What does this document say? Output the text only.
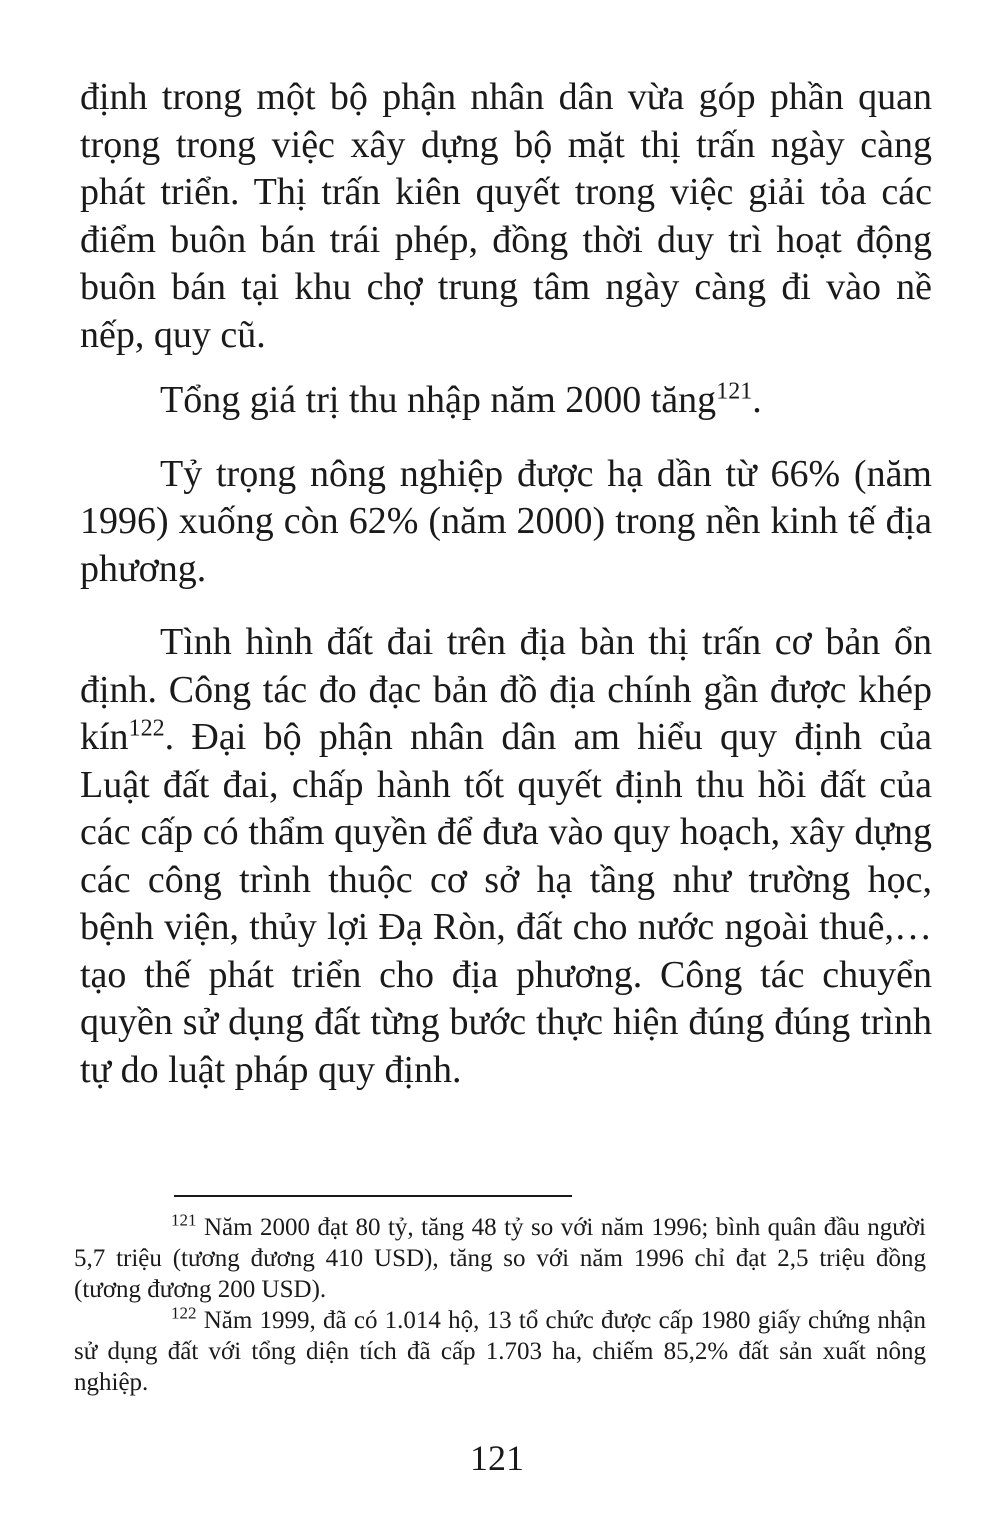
định trong một bộ phận nhân dân vừa góp phần quan trọng trong việc xây dựng bộ mặt thị trấn ngày càng phát triển. Thị trấn kiên quyết trong việc giải tỏa các điểm buôn bán trái phép, đồng thời duy trì hoạt động buôn bán tại khu chợ trung tâm ngày càng đi vào nề nếp, quy cũ.

Tổng giá trị thu nhập năm 2000 tăng$^{121}$.

Tỷ trọng nông nghiệp được hạ dần từ 66% (năm 1996) xuống còn 62% (năm 2000) trong nền kinh tế địa phương.

Tình hình đất đai trên địa bàn thị trấn cơ bản ổn định. Công tác đo đạc bản đồ địa chính gần được khép kín$^{122}$. Đại bộ phận nhân dân am hiểu quy định của Luật đất đai, chấp hành tốt quyết định thu hồi đất của các cấp có thẩm quyền để đưa vào quy hoạch, xây dựng các công trình thuộc cơ sở hạ tầng như trường học, bệnh viện, thủy lợi Đạ Ròn, đất cho nước ngoài thuê,… tạo thế phát triển cho địa phương. Công tác chuyển quyền sử dụng đất từng bước thực hiện đúng đúng trình tự do luật pháp quy định.

$^{121}$ Năm 2000 đạt 80 tỷ, tăng 48 tỷ so với năm 1996; bình quân đầu người 5,7 triệu (tương đương 410 USD), tăng so với năm 1996 chỉ đạt 2,5 triệu đồng (tương đương 200 USD).

$^{122}$ Năm 1999, đã có 1.014 hộ, 13 tổ chức được cấp 1980 giấy chứng nhận sử dụng đất với tổng diện tích đã cấp 1.703 ha, chiếm 85,2% đất sản xuất nông nghiệp.

121
